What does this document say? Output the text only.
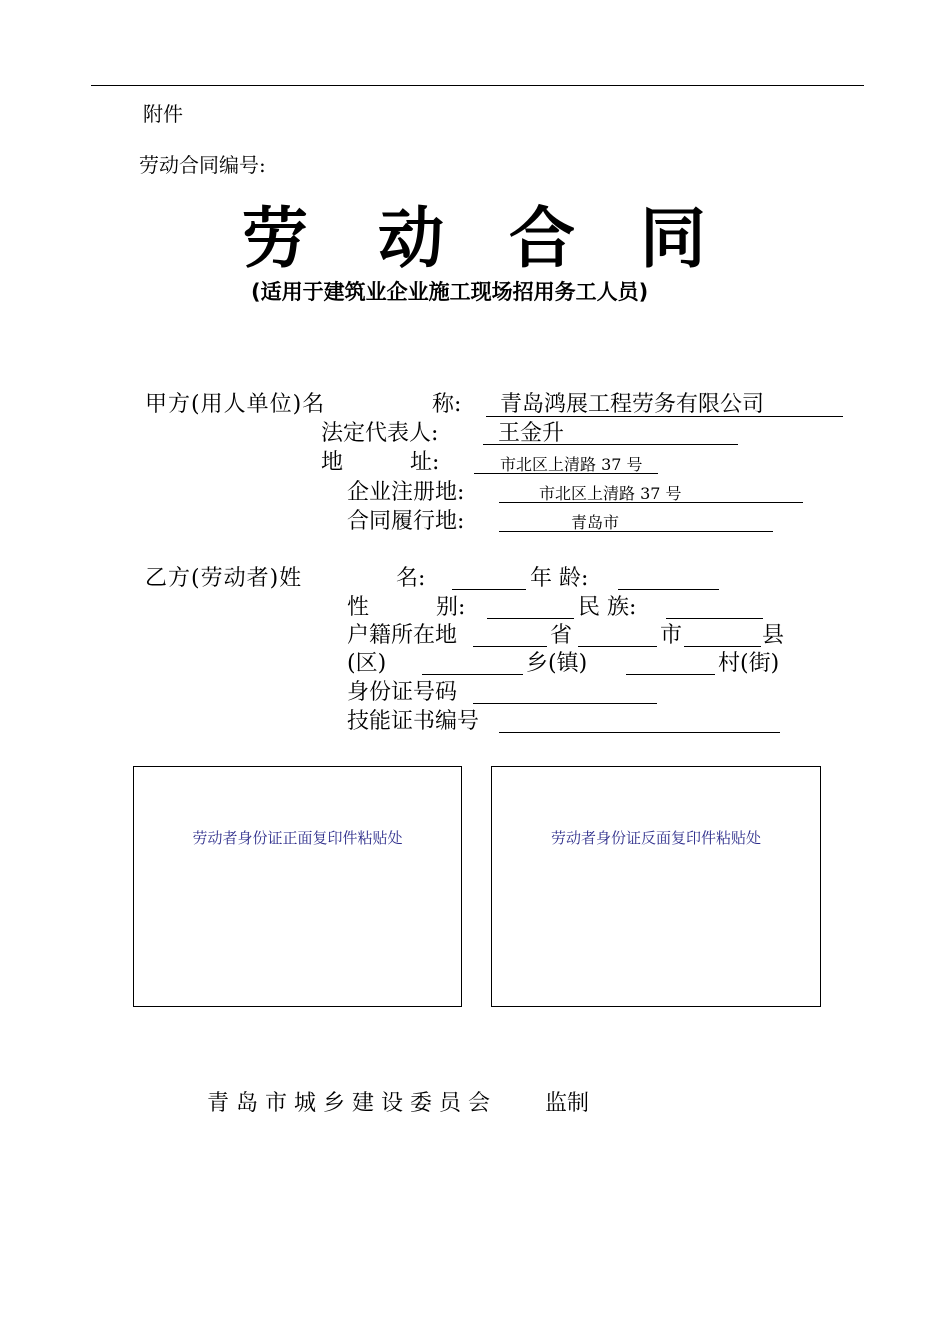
附件
劳动合同编号:
劳 动 合 同
(适用于建筑业企业施工现场招用务工人员)
甲方(用人单位)名	称: 青岛鸿展工程劳务有限公司
法定代表人:	王金升
地	址:	市北区上清路 37 号
企业注册地:	市北区上清路 37 号
合同履行地:	青岛市
乙方(劳动者)姓	名:	年 龄:
性	别:	民 族:
户籍所在地	省	市	县
(区)	乡(镇)	村(街)
身份证号码
技能证书编号
劳动者身份证正面复印件粘贴处	劳动者身份证反面复印件粘贴处
青 岛 市 城 乡 建 设 委 员 会	监制
